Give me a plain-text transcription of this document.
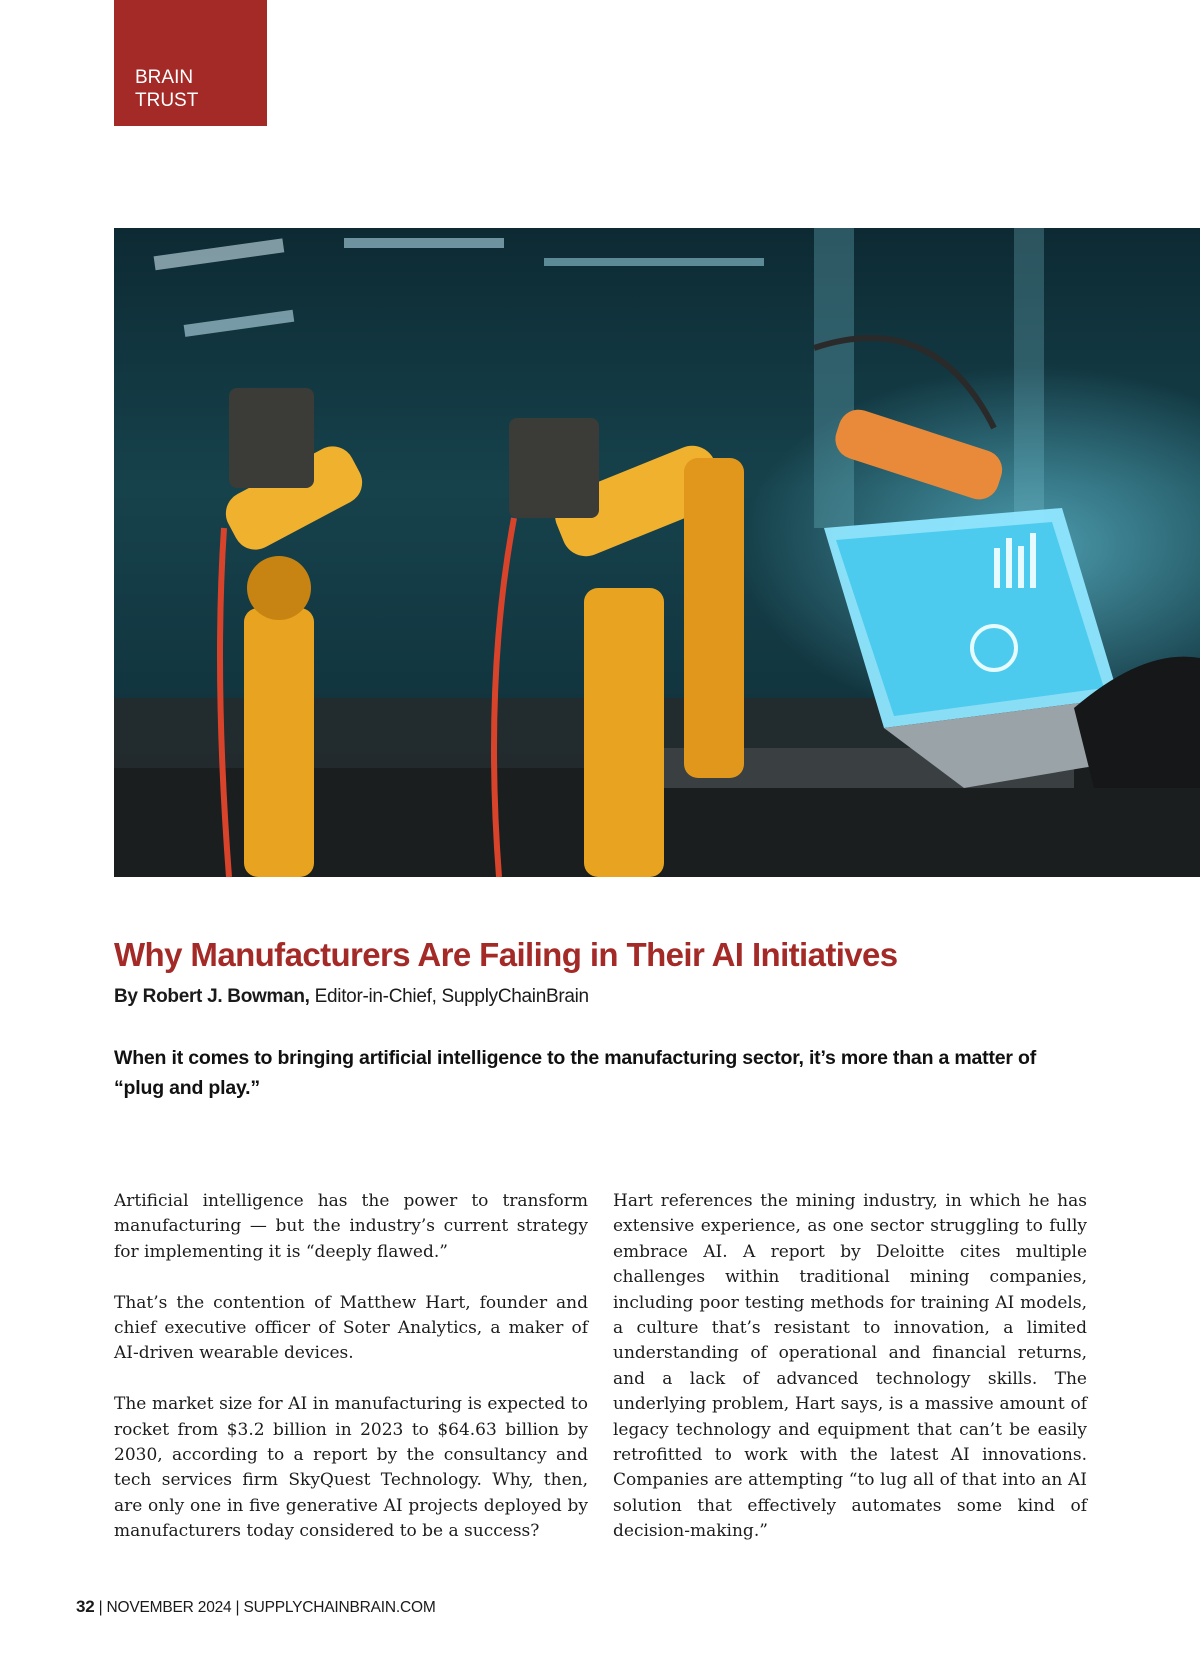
BRAIN
TRUST
Why Manufacturers Are Failing in Their AI Initiatives
By Robert J. Bowman, Editor-in-Chief, SupplyChainBrain

When it comes to bringing artificial intelligence to the manufacturing sector, it’s more than a matter of “plug and play.”

Artificial intelligence has the power to transform manufacturing — but the industry’s current strategy for implementing it is “deeply flawed.”

That’s the contention of Matthew Hart, founder and chief executive officer of Soter Analytics, a maker of AI-driven wearable devices.

The market size for AI in manufacturing is expected to rocket from $3.2 billion in 2023 to $64.63 billion by 2030, according to a report by the consultancy and tech services firm SkyQuest Technology. Why, then, are only one in five generative AI projects deployed by manufacturers today considered to be a success?

Hart references the mining industry, in which he has extensive experience, as one sector struggling to fully embrace AI. A report by Deloitte cites multiple challenges within traditional mining companies, including poor testing methods for training AI models, a culture that’s resistant to innovation, a limited understanding of operational and financial returns, and a lack of advanced technology skills. The underlying problem, Hart says, is a massive amount of legacy technology and equipment that can’t be easily retrofitted to work with the latest AI innovations. Companies are attempting “to lug all of that into an AI solution that effectively automates some kind of decision-making.”

32 | NOVEMBER 2024 | SUPPLYCHAINBRAIN.COM
